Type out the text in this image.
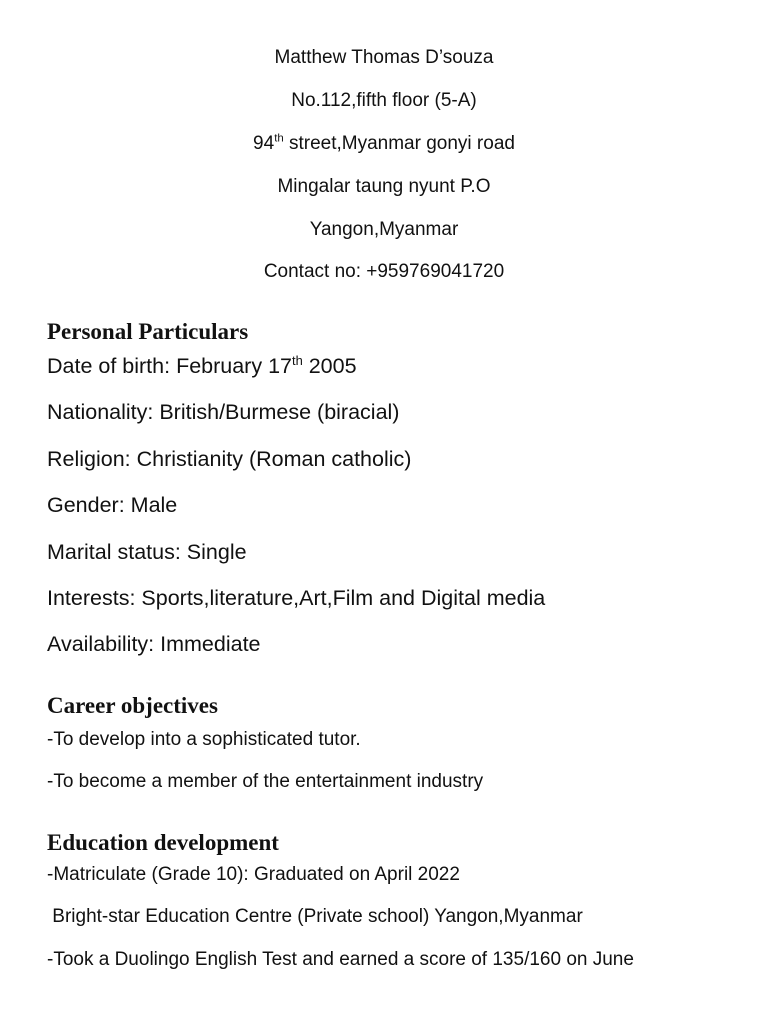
Matthew Thomas D’souza
No.112,fifth floor (5-A)
94th street,Myanmar gonyi road
Mingalar taung nyunt P.O
Yangon,Myanmar
Contact no: +959769041720
Personal Particulars
Date of birth: February 17th 2005
Nationality: British/Burmese (biracial)
Religion: Christianity (Roman catholic)
Gender: Male
Marital status: Single
Interests: Sports,literature,Art,Film and Digital media
Availability: Immediate
Career objectives
-To develop into a sophisticated tutor.
-To become a member of the entertainment industry
Education development
-Matriculate (Grade 10): Graduated on April 2022
Bright-star Education Centre (Private school) Yangon,Myanmar
-Took a Duolingo English Test and earned a score of 135/160 on June
